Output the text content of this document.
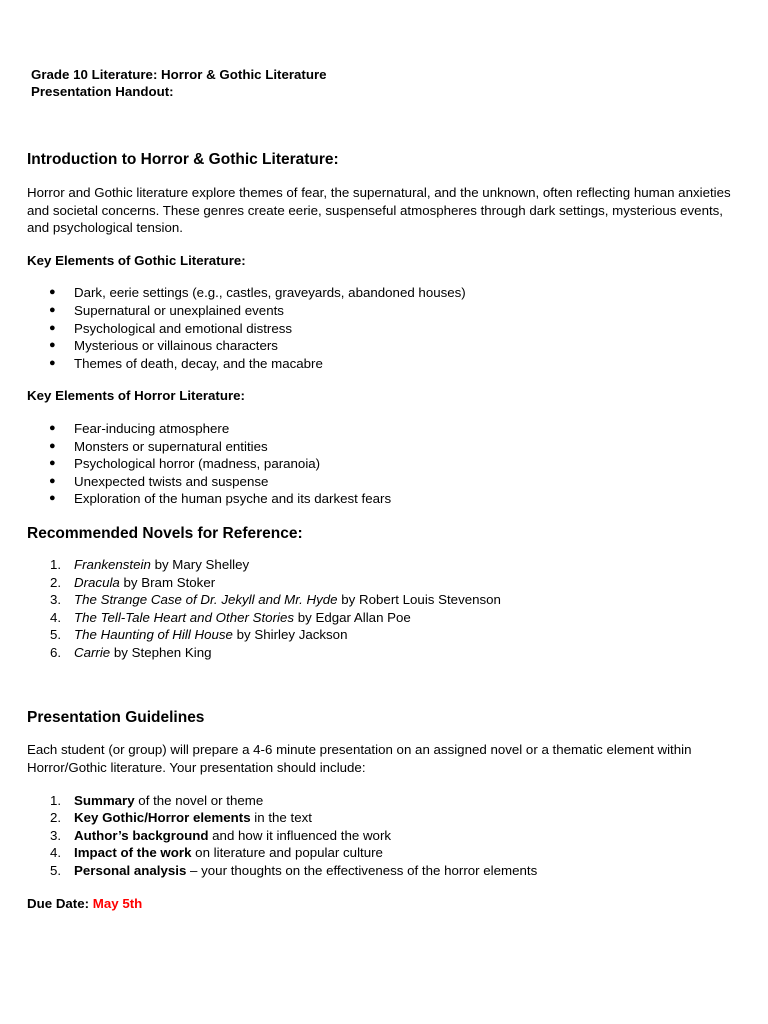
Grade 10 Literature: Horror & Gothic Literature
Presentation Handout:
Introduction to Horror & Gothic Literature:

Horror and Gothic literature explore themes of fear, the supernatural, and the unknown, often reflecting human anxieties and societal concerns. These genres create eerie, suspenseful atmospheres through dark settings, mysterious events, and psychological tension.

Key Elements of Gothic Literature:
● Dark, eerie settings (e.g., castles, graveyards, abandoned houses)
● Supernatural or unexplained events
● Psychological and emotional distress
● Mysterious or villainous characters
● Themes of death, decay, and the macabre
Key Elements of Horror Literature:
● Fear-inducing atmosphere
● Monsters or supernatural entities
● Psychological horror (madness, paranoia)
● Unexpected twists and suspense
● Exploration of the human psyche and its darkest fears
Recommended Novels for Reference:
1. Frankenstein by Mary Shelley
2. Dracula by Bram Stoker
3. The Strange Case of Dr. Jekyll and Mr. Hyde by Robert Louis Stevenson
4. The Tell-Tale Heart and Other Stories by Edgar Allan Poe
5. The Haunting of Hill House by Shirley Jackson
6. Carrie by Stephen King
Presentation Guidelines

Each student (or group) will prepare a 4-6 minute presentation on an assigned novel or a thematic element within Horror/Gothic literature. Your presentation should include:

1. Summary of the novel or theme
2. Key Gothic/Horror elements in the text
3. Author’s background and how it influenced the work
4. Impact of the work on literature and popular culture
5. Personal analysis – your thoughts on the effectiveness of the horror elements
Due Date: May 5th
